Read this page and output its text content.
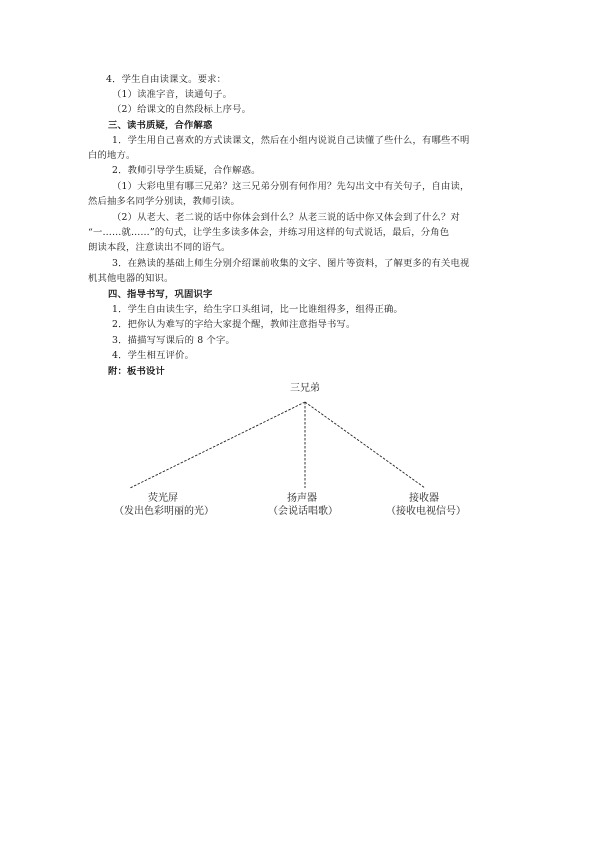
4．学生自由读课文。要求：
（1）读准字音，读通句子。
（2）给课文的自然段标上序号。
三、读书质疑，合作解惑
1．学生用自己喜欢的方式读课文，然后在小组内说说自己读懂了些什么，有哪些不明
白的地方。
2．教师引导学生质疑，合作解惑。
（1）大彩电里有哪三兄弟？这三兄弟分别有何作用？先勾出文中有关句子，自由读，
然后抽多名同学分别读，教师引读。
（2）从老大、老二说的话中你体会到什么？从老三说的话中你又体会到了什么？对
“一……就……”的句式，让学生多读多体会，并练习用这样的句式说话，最后，分角色
朗读本段，注意读出不同的语气。
3．在熟读的基础上师生分别介绍课前收集的文字、图片等资料，了解更多的有关电视
机其他电器的知识。
四、指导书写，巩固识字
1．学生自由读生字，给生字口头组词，比一比谁组得多，组得正确。
2．把你认为难写的字给大家提个醒，教师注意指导书写。
3．描描写写课后的 8 个字。
4．学生相互评价。
附：板书设计
三兄弟
荧光屏
（发出色彩明丽的光）
扬声器
（会说话唱歌）
接收器
（接收电视信号）
